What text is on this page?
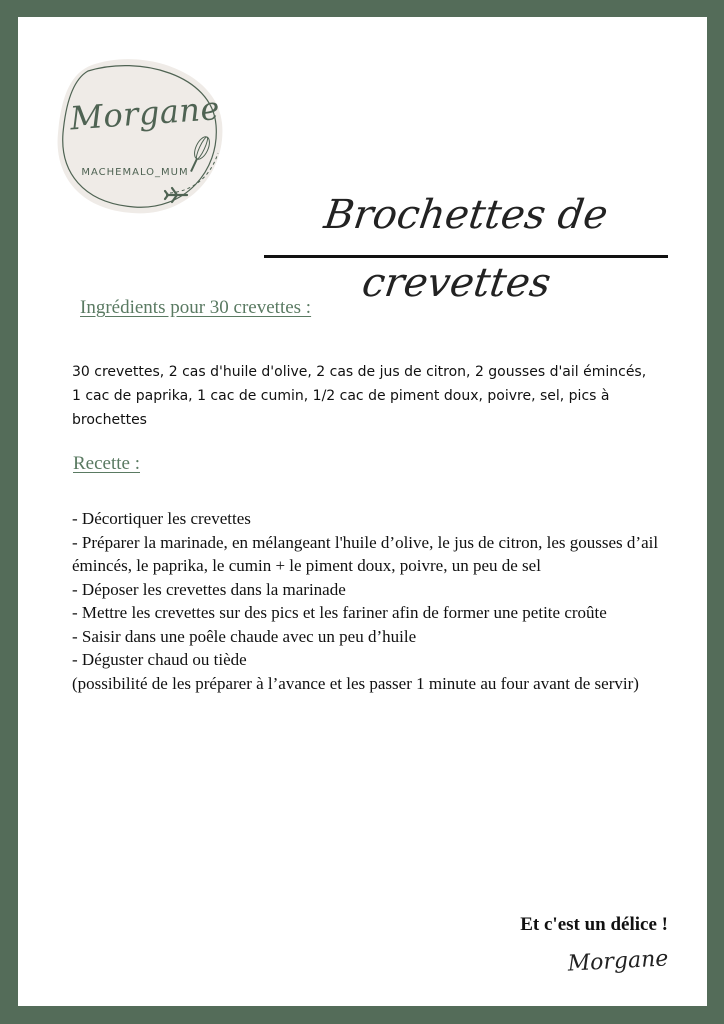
Morgane
MACHEMALO_MUM
Brochettes de crevettes
Ingrédients pour 30 crevettes :
30 crevettes, 2 cas d'huile d'olive, 2 cas de jus de citron, 2 gousses d'ail émincés, 1 cac de paprika, 1 cac de cumin, 1/2 cac de piment doux, poivre, sel, pics à brochettes
Recette :
- Décortiquer les crevettes
- Préparer la marinade, en mélangeant l'huile d’olive, le jus de citron, les gousses d’ail émincés, le paprika, le cumin + le piment doux, poivre, un peu de sel
- Déposer les crevettes dans la marinade
- Mettre les crevettes sur des pics et les fariner afin de former une petite croûte
- Saisir dans une poêle chaude avec un peu d’huile
- Déguster chaud ou tiède
(possibilité de les préparer à l’avance et les passer 1 minute au four avant de servir)
Et c'est un délice !
Morgane
